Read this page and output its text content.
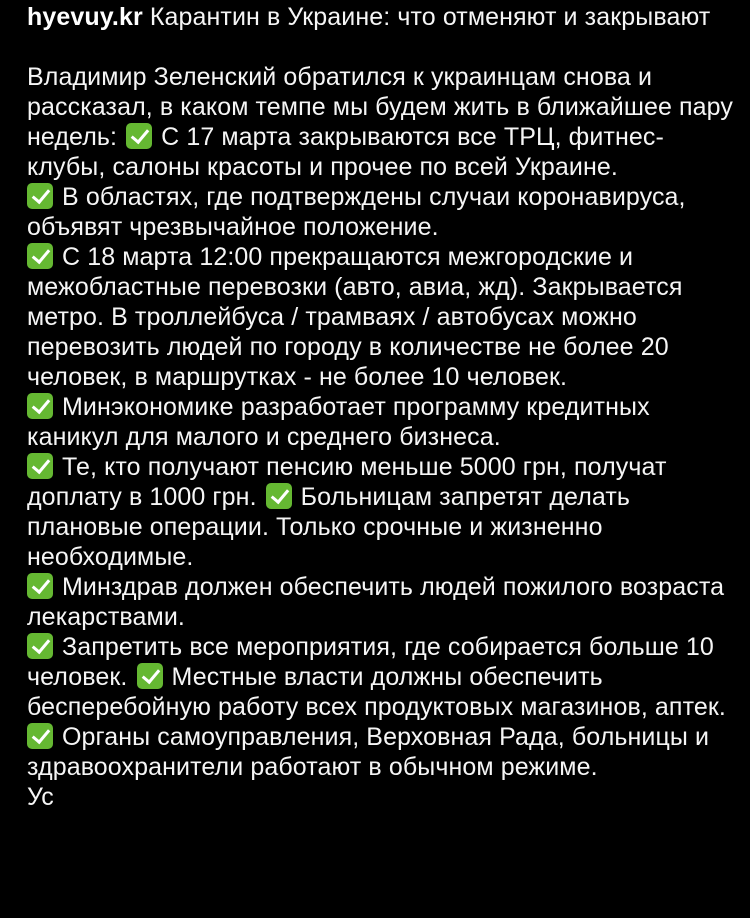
hyevuy.kr Карантин в Украине: что отменяют и закрывают

Владимир Зеленский обратился к украинцам снова и рассказал, в каком темпе мы будем жить в ближайшее пару недель: С 17 марта закрываются все ТРЦ, фитнес-клубы, салоны красоты и прочее по всей Украине.

В областях, где подтверждены случаи коронавируса, объявят чрезвычайное положение.

С 18 марта 12:00 прекращаются межгородские и межобластные перевозки (авто, авиа, жд). Закрывается метро. В троллейбуса / трамваях / автобусах можно перевозить людей по городу в количестве не более 20 человек, в маршрутках - не более 10 человек.

Минэкономике разработает программу кредитных каникул для малого и среднего бизнеса.

Те, кто получают пенсию меньше 5000 грн, получат доплату в 1000 грн. Больницам запретят делать плановые операции. Только срочные и жизненно необходимые.

Минздрав должен обеспечить людей пожилого возраста лекарствами.

Запретить все мероприятия, где собирается больше 10 человек. Местные власти должны обеспечить бесперебойную работу всех продуктовых магазинов, аптек.

Органы самоуправления, Верховная Рада, больницы и здравоохранители работают в обычном режиме.

Ус
